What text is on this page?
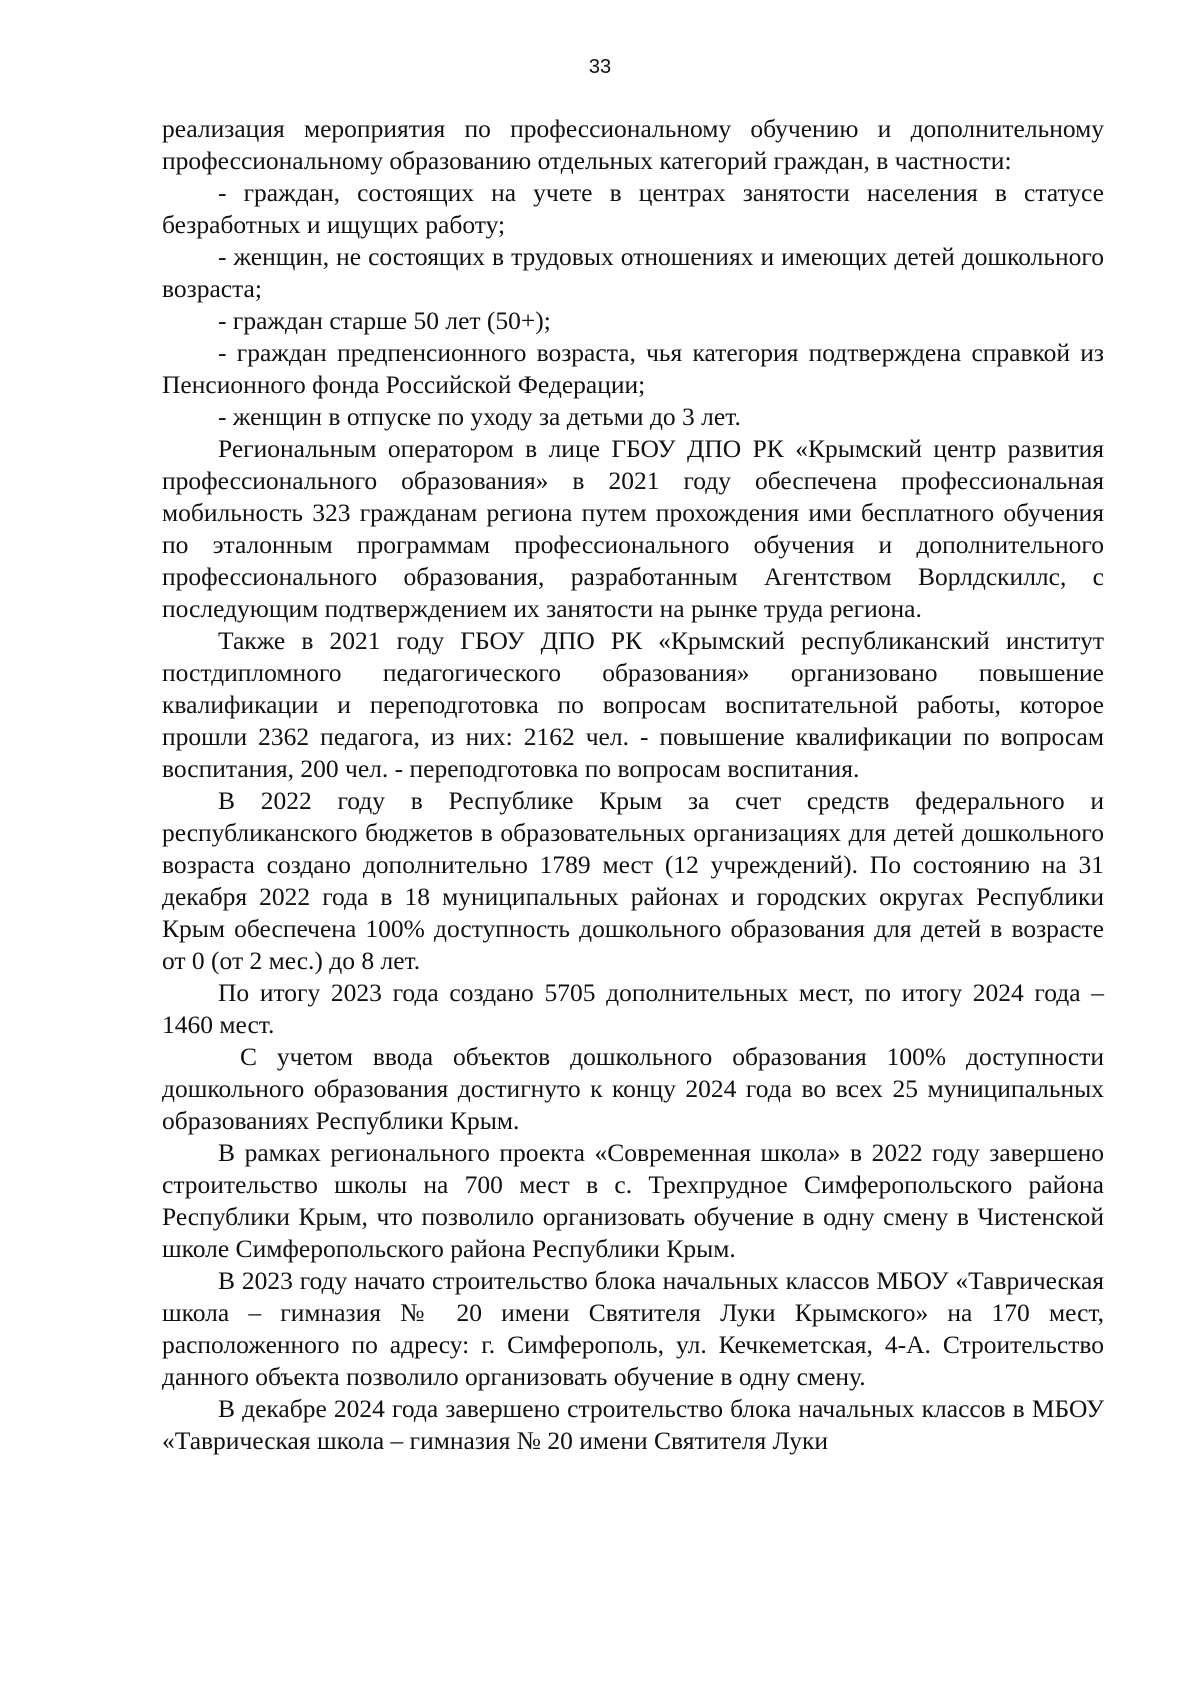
33

реализация мероприятия по профессиональному обучению и дополнительному профессиональному образованию отдельных категорий граждан, в частности:

- граждан, состоящих на учете в центрах занятости населения в статусе безработных и ищущих работу;

- женщин, не состоящих в трудовых отношениях и имеющих детей дошкольного возраста;

- граждан старше 50 лет (50+);

- граждан предпенсионного возраста, чья категория подтверждена справкой из Пенсионного фонда Российской Федерации;

- женщин в отпуске по уходу за детьми до 3 лет.

Региональным оператором в лице ГБОУ ДПО РК «Крымский центр развития профессионального образования» в 2021 году обеспечена профессиональная мобильность 323 гражданам региона путем прохождения ими бесплатного обучения по эталонным программам профессионального обучения и дополнительного профессионального образования, разработанным Агентством Ворлдскиллс, с последующим подтверждением их занятости на рынке труда региона.

Также в 2021 году ГБОУ ДПО РК «Крымский республиканский институт постдипломного педагогического образования» организовано повышение квалификации и переподготовка по вопросам воспитательной работы, которое прошли 2362 педагога, из них: 2162 чел. - повышение квалификации по вопросам воспитания, 200 чел. - переподготовка по вопросам воспитания.

В 2022 году в Республике Крым за счет средств федерального и республиканского бюджетов в образовательных организациях для детей дошкольного возраста создано дополнительно 1789 мест (12 учреждений). По состоянию на 31 декабря 2022 года в 18 муниципальных районах и городских округах Республики Крым обеспечена 100% доступность дошкольного образования для детей в возрасте от 0 (от 2 мес.) до 8 лет.

По итогу 2023 года создано 5705 дополнительных мест, по итогу 2024 года – 1460 мест.

С учетом ввода объектов дошкольного образования 100% доступности дошкольного образования достигнуто к концу 2024 года во всех 25 муниципальных образованиях Республики Крым.

В рамках регионального проекта «Современная школа» в 2022 году завершено строительство школы на 700 мест в с. Трехпрудное Симферопольского района Республики Крым, что позволило организовать обучение в одну смену в Чистенской школе Симферопольского района Республики Крым.

В 2023 году начато строительство блока начальных классов МБОУ «Таврическая школа – гимназия № 20 имени Святителя Луки Крымского» на 170 мест, расположенного по адресу: г. Симферополь, ул. Кечкеметская, 4-А. Строительство данного объекта позволило организовать обучение в одну смену.

В декабре 2024 года завершено строительство блока начальных классов в МБОУ «Таврическая школа – гимназия № 20 имени Святителя Луки
